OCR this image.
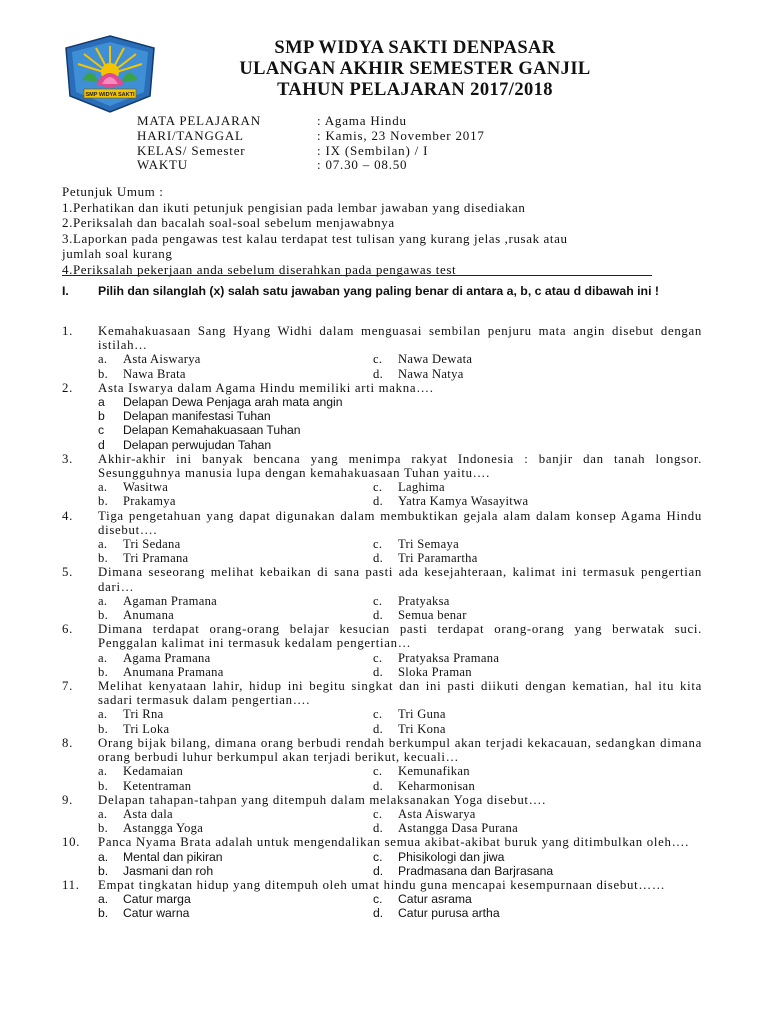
SMP WIDYA SAKTI
SMP WIDYA SAKTI DENPASAR
ULANGAN AKHIR SEMESTER GANJIL
TAHUN PELAJARAN 2017/2018
MATA PELAJARAN	: Agama Hindu
HARI/TANGGAL	: Kamis, 23 November 2017
KELAS/ Semester	: IX (Sembilan) / I
WAKTU	: 07.30 – 08.50
Petunjuk Umum :
1.Perhatikan dan ikuti petunjuk pengisian pada lembar jawaban yang disediakan
2.Periksalah dan bacalah soal-soal sebelum menjawabnya
3.Laporkan pada pengawas test kalau terdapat test tulisan yang kurang jelas ,rusak atau
jumlah soal kurang
4.Periksalah pekerjaan anda sebelum diserahkan pada pengawas test
I. Pilih dan silanglah (x) salah satu jawaban yang paling benar di antara a, b, c atau d dibawah ini !
1.	Kemahakuasaan Sang Hyang Widhi dalam menguasai sembilan penjuru mata angin disebut dengan istilah…
a.	Asta Aiswarya	c.	Nawa Dewata
b.	Nawa Brata	d.	Nawa Natya
2.	Asta Iswarya dalam Agama Hindu memiliki arti makna….
a	Delapan Dewa Penjaga arah mata angin
b	Delapan manifestasi Tuhan
c	Delapan Kemahakuasaan Tuhan
d	Delapan perwujudan Tahan
3.	Akhir-akhir ini banyak bencana yang menimpa rakyat Indonesia : banjir dan tanah longsor. Sesungguhnya manusia lupa dengan kemahakuasaan Tuhan yaitu….
a.	Wasitwa	c.	Laghima
b.	Prakamya	d.	Yatra Kamya Wasayitwa
4.	Tiga pengetahuan yang dapat digunakan dalam membuktikan gejala alam dalam konsep Agama Hindu disebut….
a.	Tri Sedana	c.	Tri Semaya
b.	Tri Pramana	d.	Tri Paramartha
5.	Dimana seseorang melihat kebaikan di sana pasti ada kesejahteraan, kalimat ini termasuk pengertian dari…
a.	Agaman Pramana	c.	Pratyaksa
b.	Anumana	d.	Semua benar
6.	Dimana terdapat orang-orang belajar kesucian pasti terdapat orang-orang yang berwatak suci. Penggalan kalimat ini termasuk kedalam pengertian…
a.	Agama Pramana	c.	Pratyaksa Pramana
b.	Anumana Pramana	d.	Sloka Praman
7.	Melihat kenyataan lahir, hidup ini begitu singkat dan ini pasti diikuti dengan kematian, hal itu kita sadari termasuk dalam pengertian….
a.	Tri Rna	c.	Tri Guna
b.	Tri Loka	d.	Tri Kona
8.	Orang bijak bilang, dimana orang berbudi rendah berkumpul akan terjadi kekacauan, sedangkan dimana orang berbudi luhur berkumpul akan terjadi berikut, kecuali…
a.	Kedamaian	c.	Kemunafikan
b.	Ketentraman	d.	Keharmonisan
9.	Delapan tahapan-tahpan yang ditempuh dalam melaksanakan Yoga disebut….
a.	Asta dala	c.	Asta Aiswarya
b.	Astangga Yoga	d.	Astangga Dasa Purana
10.	Panca Nyama Brata adalah untuk mengendalikan semua akibat-akibat buruk yang ditimbulkan oleh….
a.	Mental dan pikiran	c.	Phisikologi dan jiwa
b.	Jasmani dan roh	d.	Pradmasana dan Barjrasana
11.	Empat tingkatan hidup yang ditempuh oleh umat hindu guna mencapai kesempurnaan disebut……
a.	Catur marga	c.	Catur asrama
b.	Catur warna	d.	Catur purusa artha
